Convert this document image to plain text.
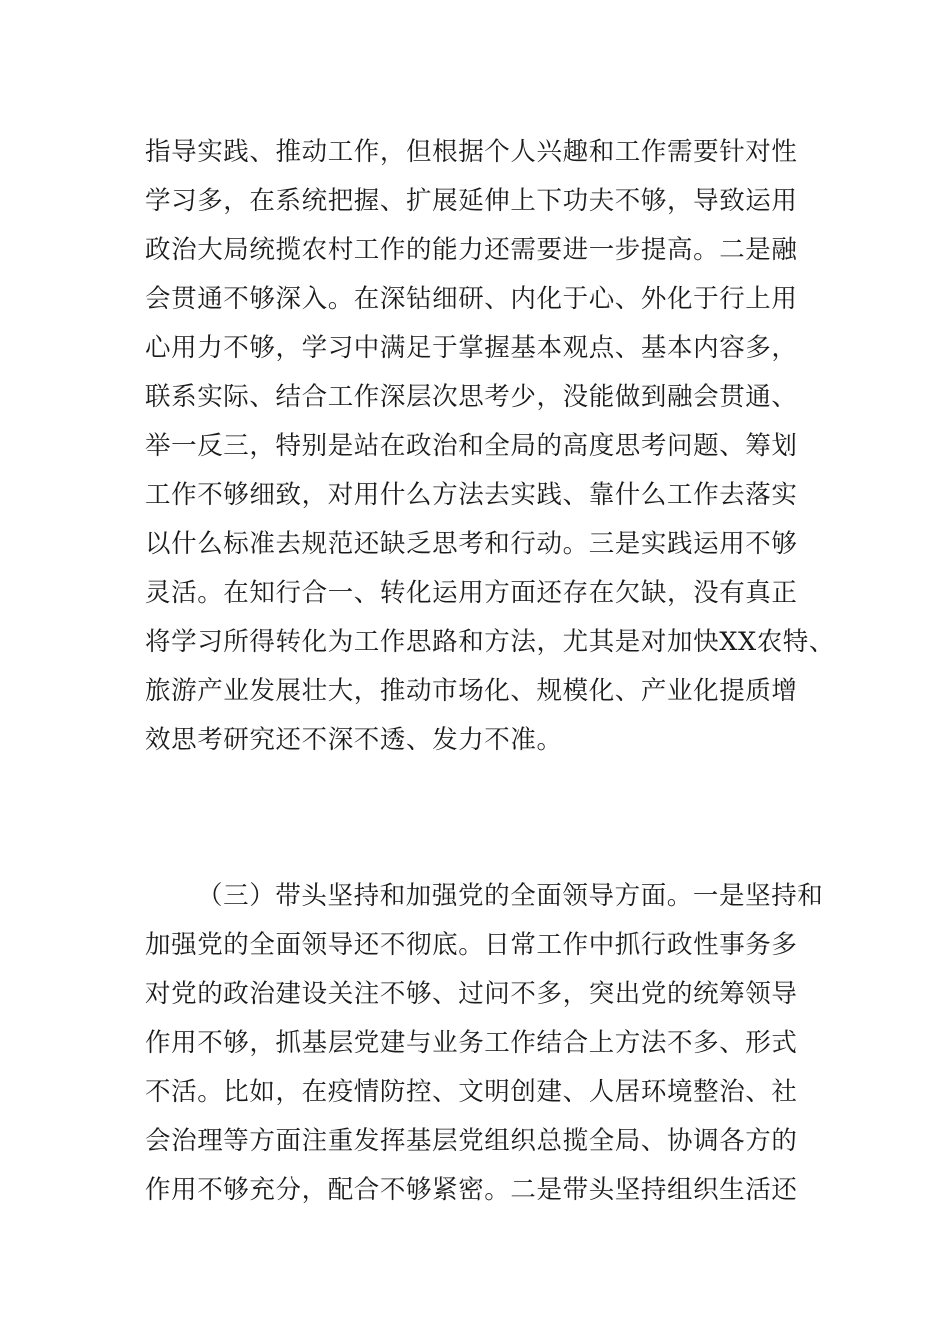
指导实践、推动工作，但根据个人兴趣和工作需要针对性
学习多，在系统把握、扩展延伸上下功夫不够，导致运用
政治大局统揽农村工作的能力还需要进一步提高。二是融
会贯通不够深入。在深钻细研、内化于心、外化于行上用
心用力不够，学习中满足于掌握基本观点、基本内容多，
联系实际、结合工作深层次思考少，没能做到融会贯通、
举一反三，特别是站在政治和全局的高度思考问题、筹划
工作不够细致，对用什么方法去实践、靠什么工作去落实
以什么标准去规范还缺乏思考和行动。三是实践运用不够
灵活。在知行合一、转化运用方面还存在欠缺，没有真正
将学习所得转化为工作思路和方法，尤其是对加快XX农特、
旅游产业发展壮大，推动市场化、规模化、产业化提质增
效思考研究还不深不透、发力不准。
（三）带头坚持和加强党的全面领导方面。一是坚持和
加强党的全面领导还不彻底。日常工作中抓行政性事务多
对党的政治建设关注不够、过问不多，突出党的统筹领导
作用不够，抓基层党建与业务工作结合上方法不多、形式
不活。比如，在疫情防控、文明创建、人居环境整治、社
会治理等方面注重发挥基层党组织总揽全局、协调各方的
作用不够充分，配合不够紧密。二是带头坚持组织生活还
